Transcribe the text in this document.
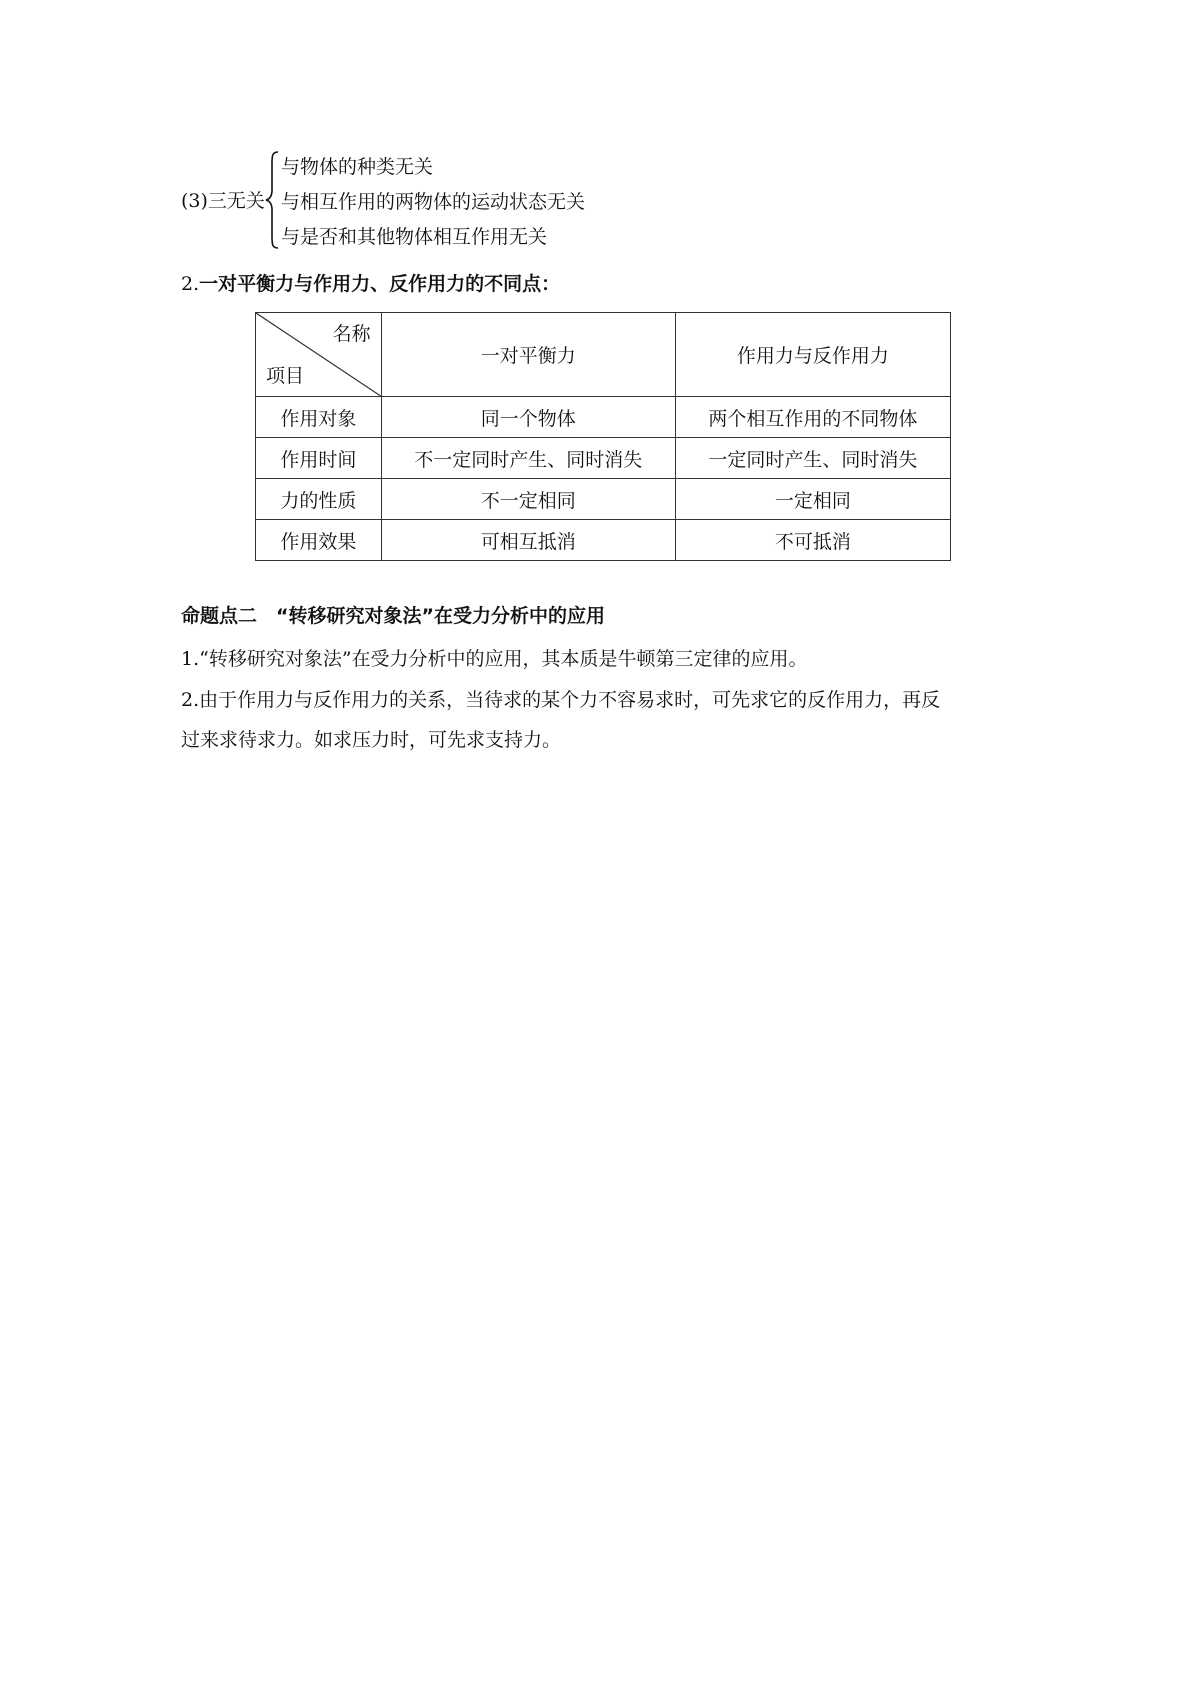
(3)三无关
与物体的种类无关
与相互作用的两物体的运动状态无关
与是否和其他物体相互作用无关
2.一对平衡力与作用力、反作用力的不同点：
名称
项目	一对平衡力	作用力与反作用力
作用对象	同一个物体	两个相互作用的不同物体
作用时间	不一定同时产生、同时消失	一定同时产生、同时消失
力的性质	不一定相同	一定相同
作用效果	可相互抵消	不可抵消
命题点二　“转移研究对象法”在受力分析中的应用
1.“转移研究对象法”在受力分析中的应用，其本质是牛顿第三定律的应用。
2.由于作用力与反作用力的关系，当待求的某个力不容易求时，可先求它的反作用力，再反
过来求待求力。如求压力时，可先求支持力。
